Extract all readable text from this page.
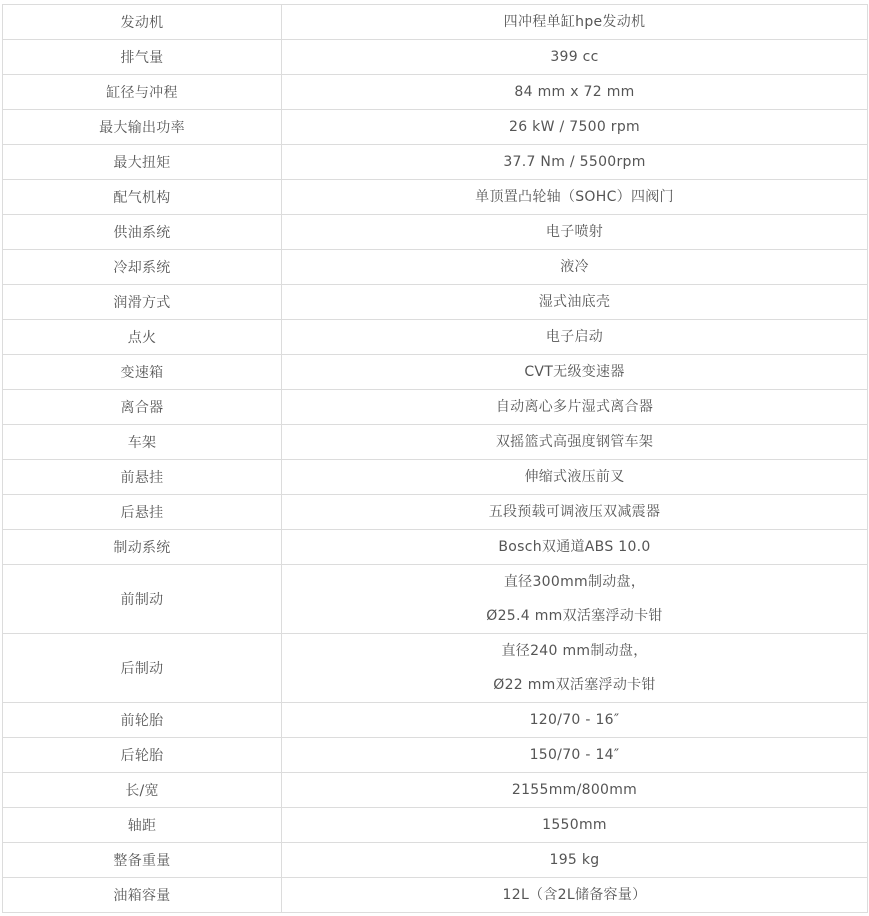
发动机	四冲程单缸hpe发动机

排气量	399 cc

缸径与冲程	84 mm x 72 mm

最大输出功率	26 kW / 7500 rpm

最大扭矩	37.7 Nm / 5500rpm

配气机构	单顶置凸轮轴（SOHC）四阀门

供油系统	电子喷射

冷却系统	液冷

润滑方式	湿式油底壳

点火	电子启动

变速箱	CVT无级变速器

离合器	自动离心多片湿式离合器

车架	双摇篮式高强度钢管车架

前悬挂	伸缩式液压前叉

后悬挂	五段预载可调液压双减震器

制动系统	Bosch双通道ABS 10.0

前制动	直径300mm制动盘，
Ø25.4 mm双活塞浮动卡钳

后制动	直径240 mm制动盘，
Ø22 mm双活塞浮动卡钳

前轮胎	120/70 - 16″

后轮胎	150/70 - 14″

长/宽	2155mm/800mm

轴距	1550mm

整备重量	195 kg

油箱容量	12L（含2L储备容量）
